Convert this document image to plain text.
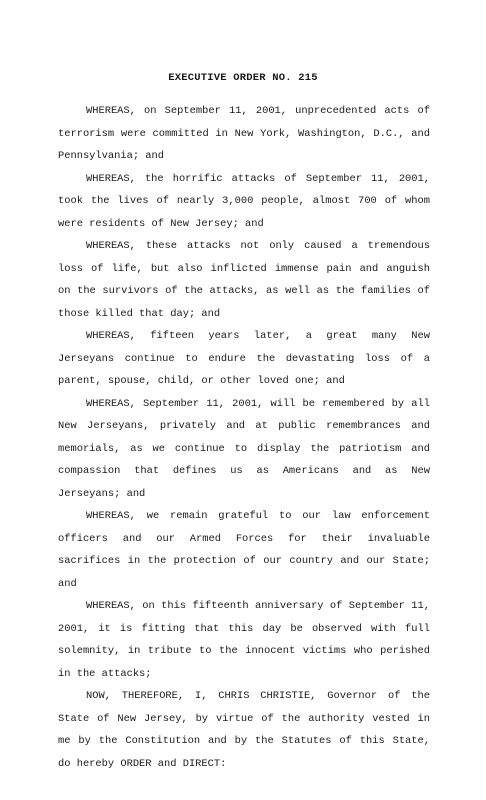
EXECUTIVE ORDER NO. 215

WHEREAS, on September 11, 2001, unprecedented acts of terrorism were committed in New York, Washington, D.C., and Pennsylvania; and

WHEREAS, the horrific attacks of September 11, 2001, took the lives of nearly 3,000 people, almost 700 of whom were residents of New Jersey; and

WHEREAS, these attacks not only caused a tremendous loss of life, but also inflicted immense pain and anguish on the survivors of the attacks, as well as the families of those killed that day; and

WHEREAS, fifteen years later, a great many New Jerseyans continue to endure the devastating loss of a parent, spouse, child, or other loved one; and

WHEREAS, September 11, 2001, will be remembered by all New Jerseyans, privately and at public remembrances and memorials, as we continue to display the patriotism and compassion that defines us as Americans and as New Jerseyans; and

WHEREAS, we remain grateful to our law enforcement officers and our Armed Forces for their invaluable sacrifices in the protection of our country and our State; and

WHEREAS, on this fifteenth anniversary of September 11, 2001, it is fitting that this day be observed with full solemnity, in tribute to the innocent victims who perished in the attacks;

NOW, THEREFORE, I, CHRIS CHRISTIE, Governor of the State of New Jersey, by virtue of the authority vested in me by the Constitution and by the Statutes of this State, do hereby ORDER and DIRECT:
